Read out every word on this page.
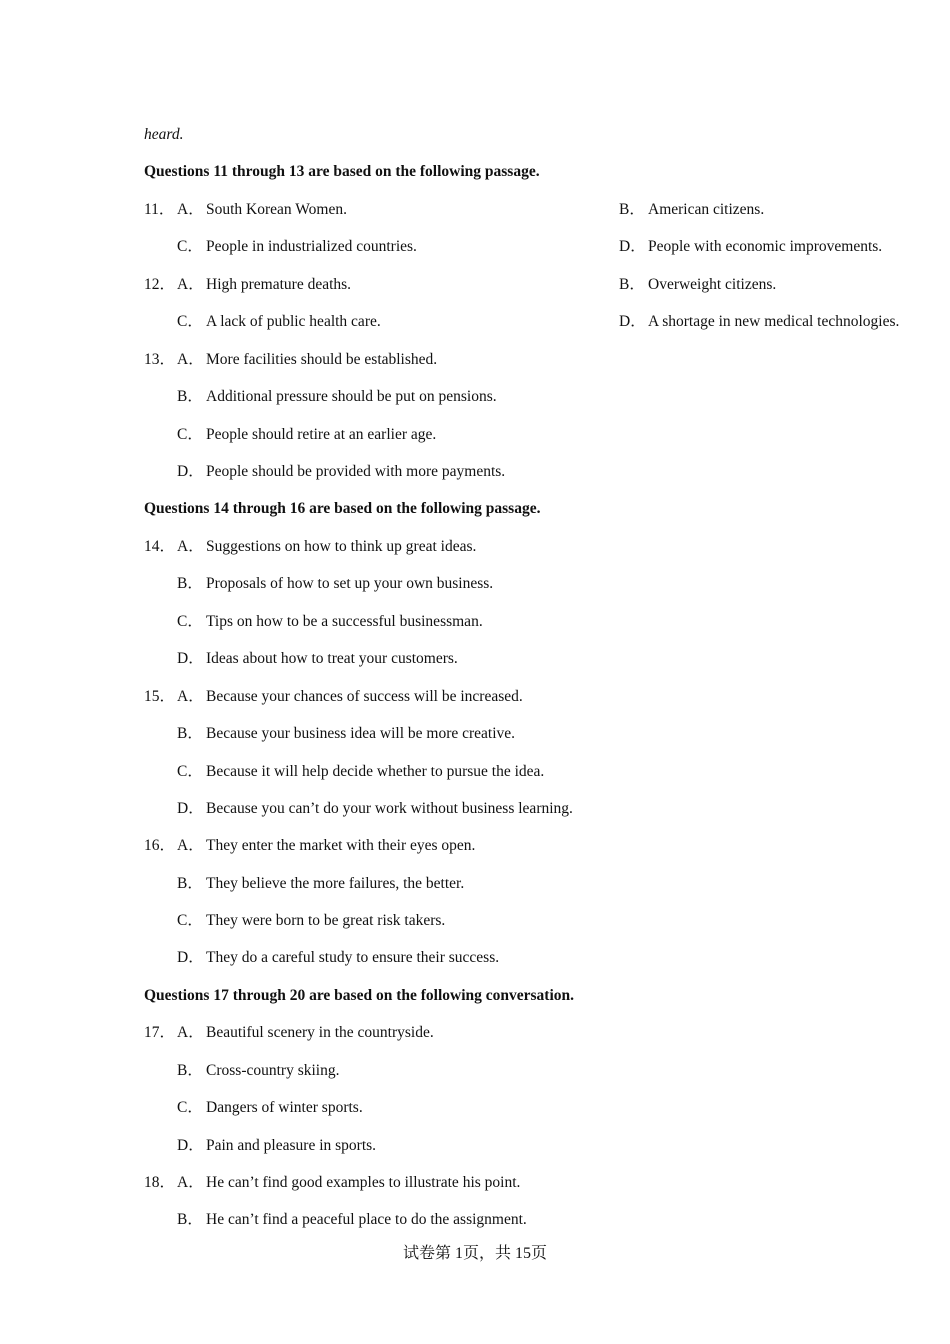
heard.
Questions 11 through 13 are based on the following passage.
11． A． South Korean Women.	B． American citizens.
C． People in industrialized countries.	D． People with economic improvements.
12． A． High premature deaths.	B． Overweight citizens.
C． A lack of public health care.	D． A shortage in new medical technologies.
13． A． More facilities should be established.
B． Additional pressure should be put on pensions.
C． People should retire at an earlier age.
D． People should be provided with more payments.
Questions 14 through 16 are based on the following passage.
14． A． Suggestions on how to think up great ideas.
B． Proposals of how to set up your own business.
C． Tips on how to be a successful businessman.
D． Ideas about how to treat your customers.
15． A． Because your chances of success will be increased.
B． Because your business idea will be more creative.
C． Because it will help decide whether to pursue the idea.
D． Because you can’t do your work without business learning.
16． A． They enter the market with their eyes open.
B． They believe the more failures, the better.
C． They were born to be great risk takers.
D． They do a careful study to ensure their success.
Questions 17 through 20 are based on the following conversation.
17． A． Beautiful scenery in the countryside.
B． Cross-country skiing.
C． Dangers of winter sports.
D． Pain and pleasure in sports.
18． A． He can’t find good examples to illustrate his point.
B． He can’t find a peaceful place to do the assignment.
试卷第 1页，共 15页
